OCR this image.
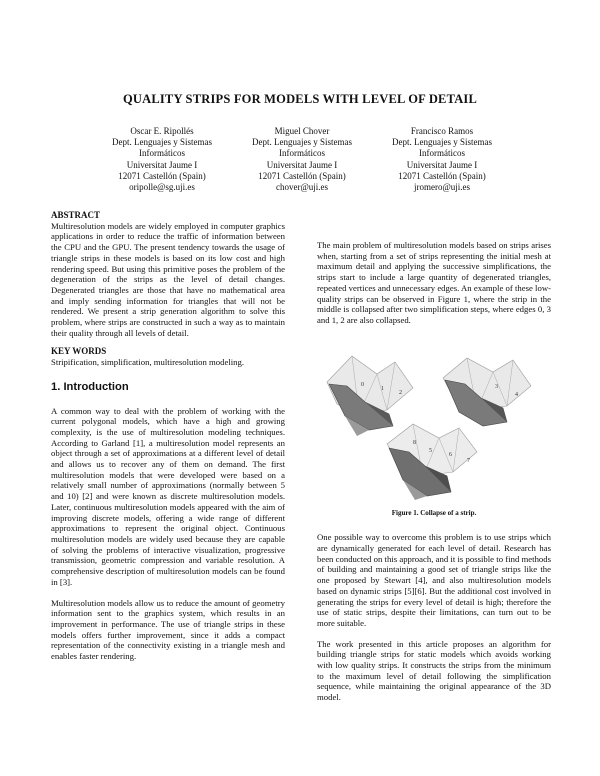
QUALITY STRIPS FOR MODELS WITH LEVEL OF DETAIL
Oscar E. Ripollés
Dept. Lenguajes y Sistemas
Informáticos
Universitat Jaume I
12071 Castellón (Spain)
oripolle@sg.uji.es
Miguel Chover
Dept. Lenguajes y Sistemas
Informáticos
Universitat Jaume I
12071 Castellón (Spain)
chover@uji.es
Francisco Ramos
Dept. Lenguajes y Sistemas
Informáticos
Universitat Jaume I
12071 Castellón (Spain)
jromero@uji.es

ABSTRACT

Multiresolution models are widely employed in computer graphics applications in order to reduce the traffic of information between the CPU and the GPU. The present tendency towards the usage of triangle strips in these models is based on its low cost and high rendering speed. But using this primitive poses the problem of the degeneration of the strips as the level of detail changes. Degenerated triangles are those that have no mathematical area and imply sending information for triangles that will not be rendered. We present a strip generation algorithm to solve this problem, where strips are constructed in such a way as to maintain their quality through all levels of detail.

KEY WORDS

Stripification, simplification, multiresolution modeling.

1. Introduction

A common way to deal with the problem of working with the current polygonal models, which have a high and growing complexity, is the use of multiresolution modeling techniques. According to Garland [1], a multiresolution model represents an object through a set of approximations at a different level of detail and allows us to recover any of them on demand. The first multiresolution models that were developed were based on a relatively small number of approximations (normally between 5 and 10) [2] and were known as discrete multiresolution models. Later, continuous multiresolution models appeared with the aim of improving discrete models, offering a wide range of different approximations to represent the original object. Continuous multiresolution models are widely used because they are capable of solving the problems of interactive visualization, progressive transmission, geometric compression and variable resolution. A comprehensive description of multiresolution models can be found in [3].

Multiresolution models allow us to reduce the amount of geometry information sent to the graphics system, which results in an improvement in performance. The use of triangle strips in these models offers further improvement, since it adds a compact representation of the connectivity existing in a triangle mesh and enables faster rendering.

The main problem of multiresolution models based on strips arises when, starting from a set of strips representing the initial mesh at maximum detail and applying the successive simplifications, the strips start to include a large quantity of degenerated triangles, repeated vertices and unnecessary edges. An example of these low-quality strips can be observed in Figure 1, where the strip in the middle is collapsed after two simplification steps, where edges 0, 3 and 1, 2 are also collapsed.

0
1
2
3
4
5
6
7
8

Figure 1. Collapse of a strip.

One possible way to overcome this problem is to use strips which are dynamically generated for each level of detail. Research has been conducted on this approach, and it is possible to find methods of building and maintaining a good set of triangle strips like the one proposed by Stewart [4], and also multiresolution models based on dynamic strips [5][6]. But the additional cost involved in generating the strips for every level of detail is high; therefore the use of static strips, despite their limitations, can turn out to be more suitable.

The work presented in this article proposes an algorithm for building triangle strips for static models which avoids working with low quality strips. It constructs the strips from the minimum to the maximum level of detail following the simplification sequence, while maintaining the original appearance of the 3D model.
